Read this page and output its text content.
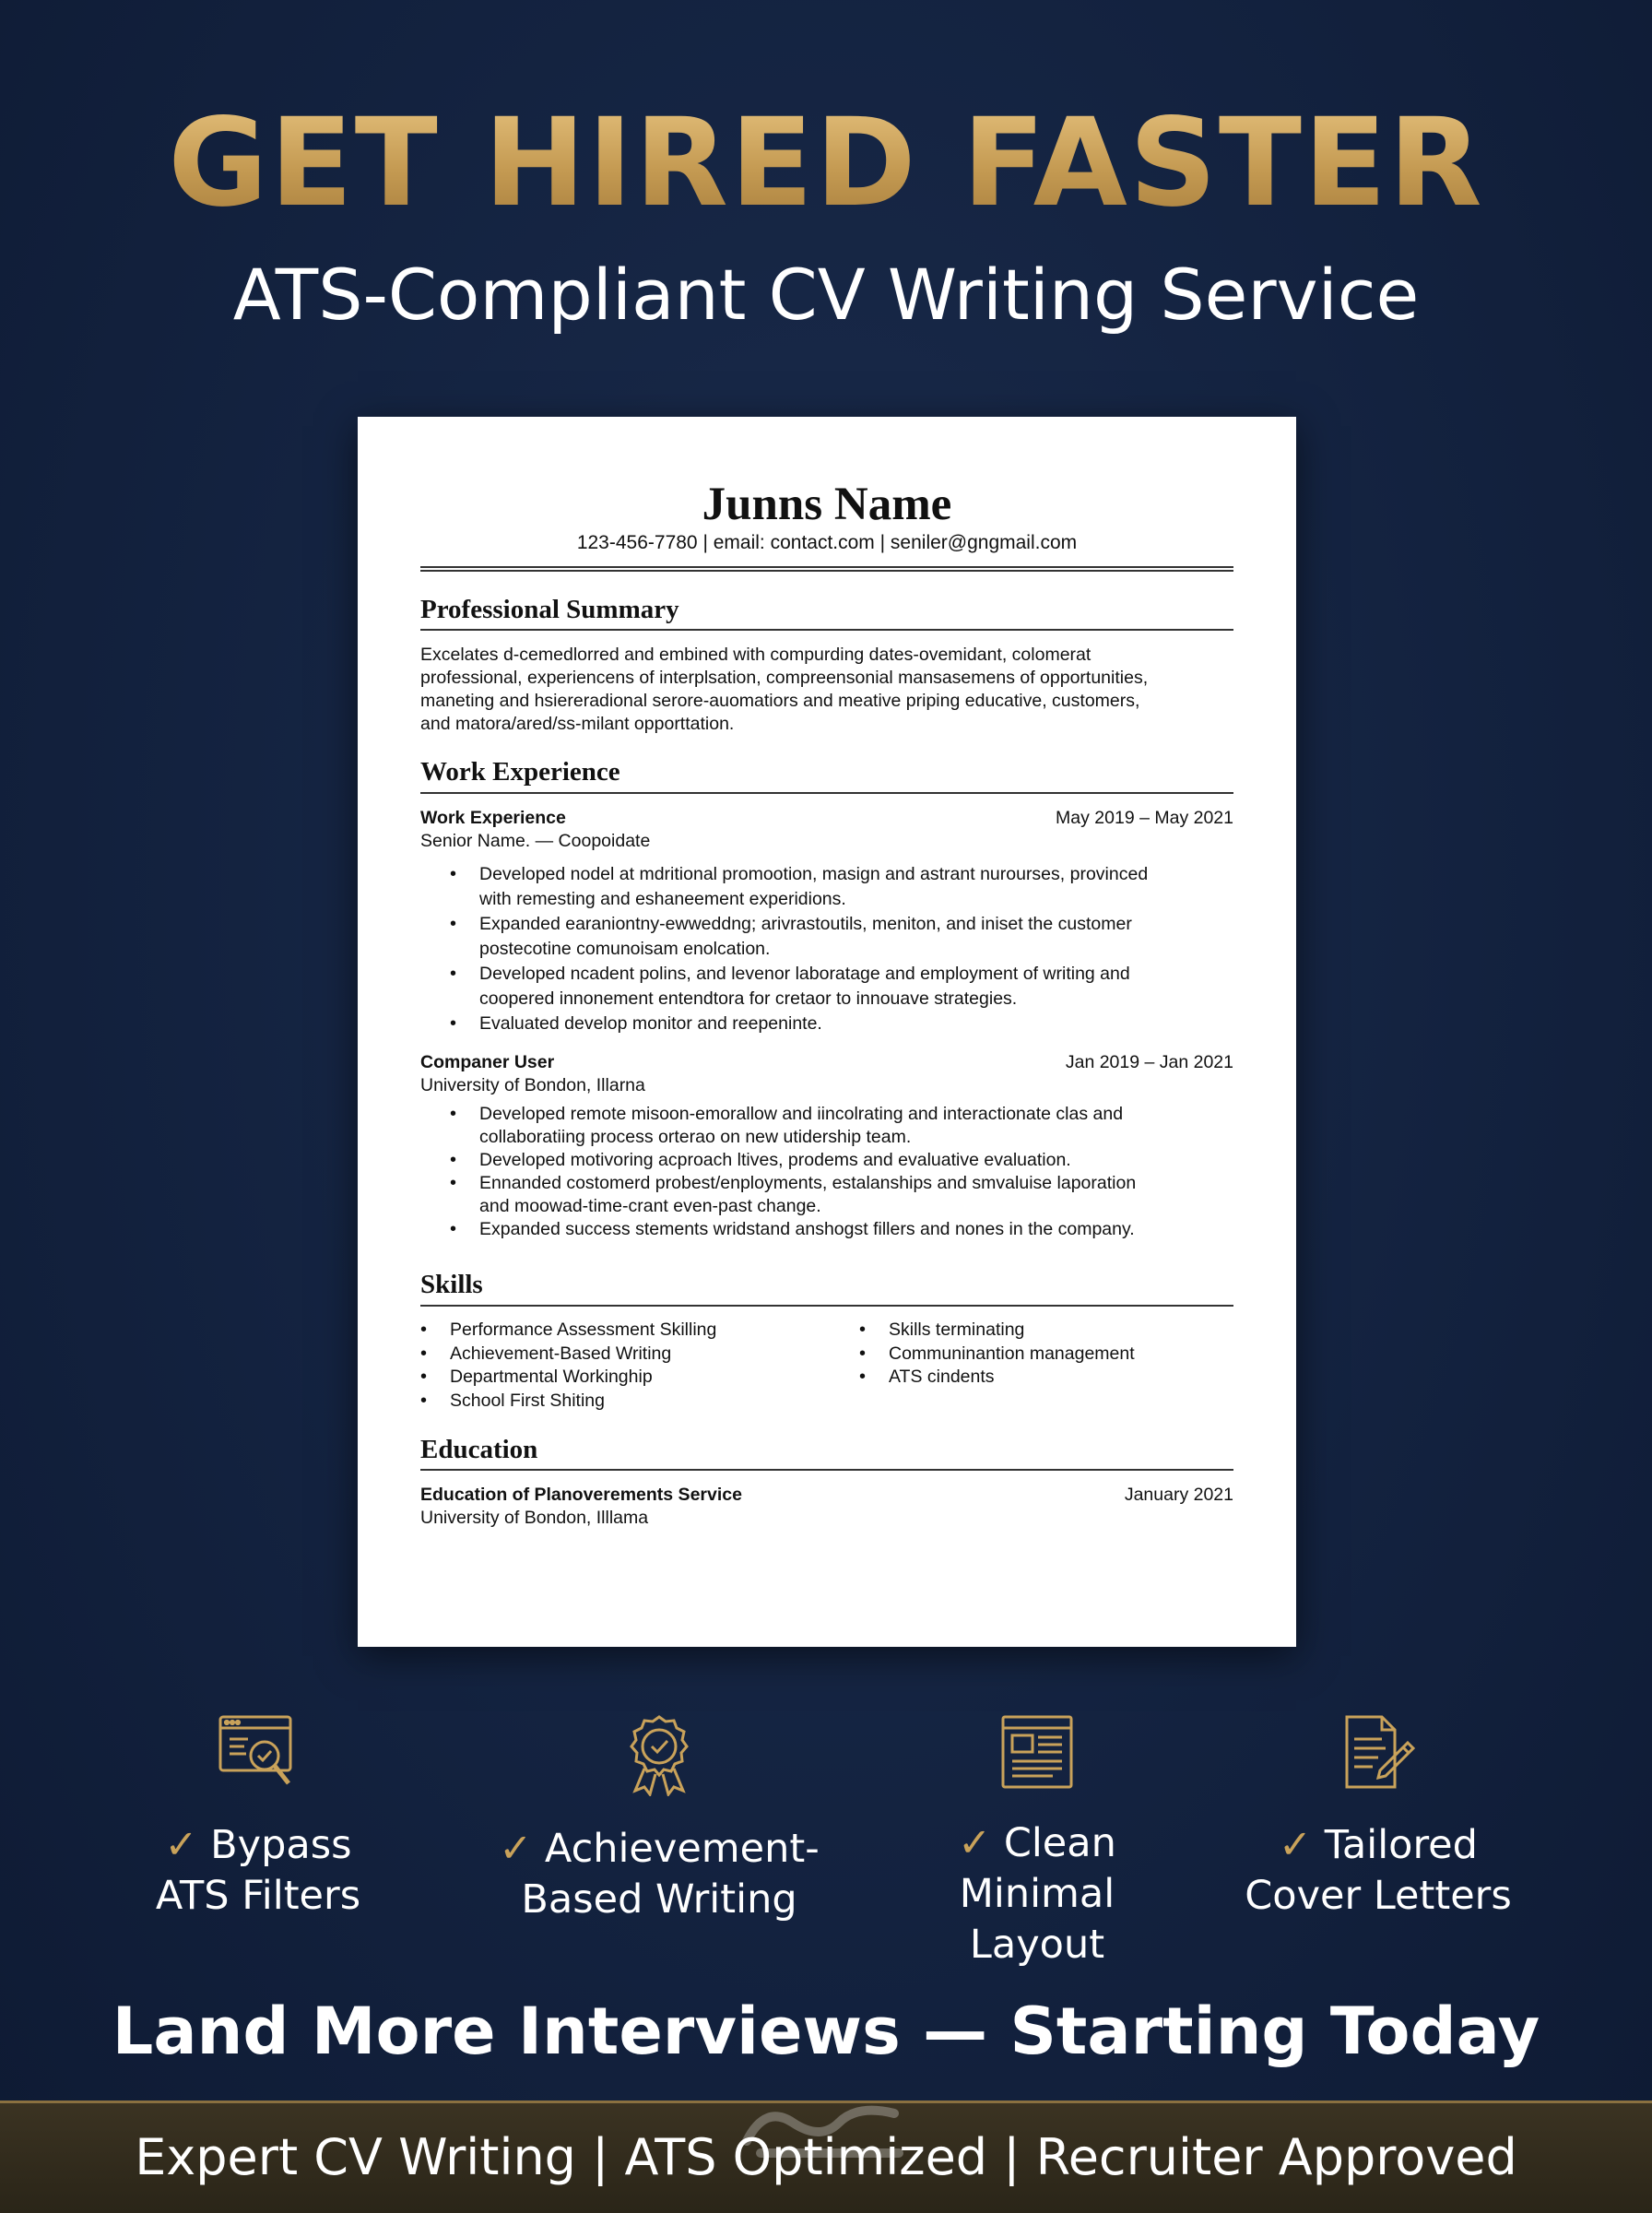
GET HIRED FASTER
ATS-Compliant CV Writing Service
Junns Name
123-456-7780 | email: contact.com | seniler@gngmail.com
Professional Summary
Excelates d-cemedlorred and embined with compurding dates-ovemidant, colomerat
professional, experiencens of interplsation, compreensonial mansasemens of opportunities,
maneting and hsiereradional serore-auomatiors and meative priping educative, customers,
and matora/ared/ss-milant opporttation.
Work Experience
Work Experience	May 2019 – May 2021
Senior Name. — Coopoidate
• Developed nodel at mdritional promootion, masign and astrant nurourses, provinced
with remesting and eshaneement experidions.
• Expanded earaniontny-ewweddng; arivrastoutils, meniton, and iniset the customer
postecotine comunoisam enolcation.
• Developed ncadent polins, and levenor laboratage and employment of writing and
coopered innonement entendtora for cretaor to innouave strategies.
• Evaluated develop monitor and reepeninte.
Companer User	Jan 2019 – Jan 2021
University of Bondon, Illarna
• Developed remote misoon-emorallow and iincolrating and interactionate clas and
collaboratiing process orterao on new utidership team.
• Developed motivoring acproach ltives, prodems and evaluative evaluation.
• Ennanded costomerd probest/enployments, estalanships and smvaluise laporation
and moowad-time-crant even-past change.
• Expanded success stements wridstand anshogst fillers and nones in the company.
Skills
• Performance Assessment Skilling
• Achievement-Based Writing
• Departmental Workinghip
• School First Shiting
• Skills terminating
• Communinantion management
• ATS cindents
Education
Education of Planoverements Service	January 2021
University of Bondon, Illlama
✓ Bypass
ATS Filters
✓ Achievement-
Based Writing
✓ Clean
Minimal
Layout
✓ Tailored
Cover Letters
Land More Interviews — Starting Today
Expert CV Writing | ATS Optimized | Recruiter Approved
